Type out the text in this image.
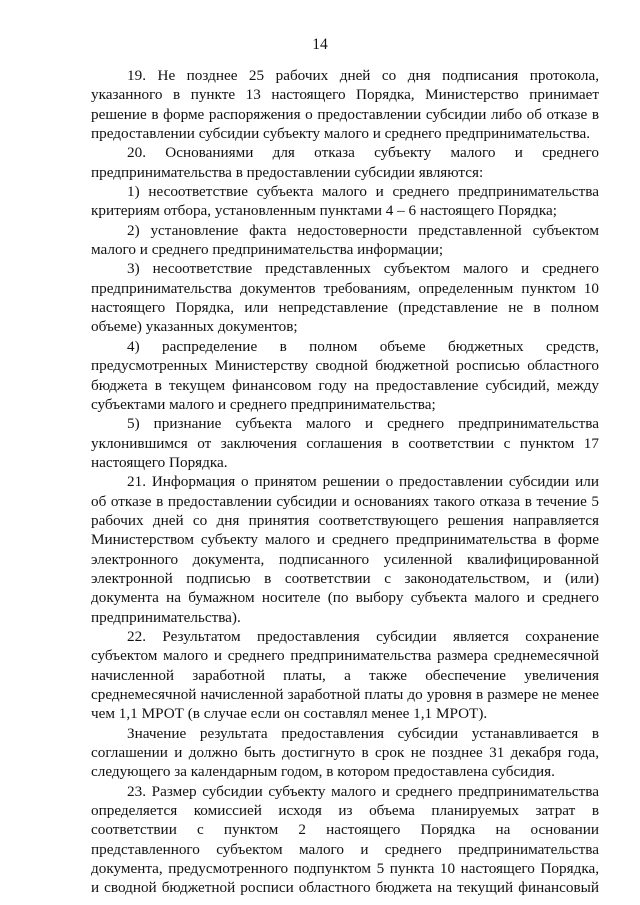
14
19. Не позднее 25 рабочих дней со дня подписания протокола,
указанного в пункте 13 настоящего Порядка, Министерство принимает
решение в форме распоряжения о предоставлении субсидии либо об отказе в
предоставлении субсидии субъекту малого и среднего предпринимательства.
20. Основаниями для отказа субъекту малого и среднего
предпринимательства в предоставлении субсидии являются:
1) несоответствие субъекта малого и среднего предпринимательства
критериям отбора, установленным пунктами 4 – 6 настоящего Порядка;
2) установление факта недостоверности представленной субъектом
малого и среднего предпринимательства информации;
3) несоответствие представленных субъектом малого и среднего
предпринимательства документов требованиям, определенным пунктом 10
настоящего Порядка, или непредставление (представление не в полном
объеме) указанных документов;
4) распределение в полном объеме бюджетных средств,
предусмотренных Министерству сводной бюджетной росписью областного
бюджета в текущем финансовом году на предоставление субсидий, между
субъектами малого и среднего предпринимательства;
5) признание субъекта малого и среднего предпринимательства
уклонившимся от заключения соглашения в соответствии с пунктом 17
настоящего Порядка.
21. Информация о принятом решении о предоставлении субсидии или
об отказе в предоставлении субсидии и основаниях такого отказа в течение 5
рабочих дней со дня принятия соответствующего решения направляется
Министерством субъекту малого и среднего предпринимательства в форме
электронного документа, подписанного усиленной квалифицированной
электронной подписью в соответствии с законодательством, и (или)
документа на бумажном носителе (по выбору субъекта малого и среднего
предпринимательства).
22. Результатом предоставления субсидии является сохранение
субъектом малого и среднего предпринимательства размера среднемесячной
начисленной заработной платы, а также обеспечение увеличения
среднемесячной начисленной заработной платы до уровня в размере не менее
чем 1,1 МРОТ (в случае если он составлял менее 1,1 МРОТ).
Значение результата предоставления субсидии устанавливается в
соглашении и должно быть достигнуто в срок не позднее 31 декабря года,
следующего за календарным годом, в котором предоставлена субсидия.
23. Размер субсидии субъекту малого и среднего предпринимательства
определяется комиссией исходя из объема планируемых затрат в
соответствии с пунктом 2 настоящего Порядка на основании
представленного субъектом малого и среднего предпринимательства
документа, предусмотренного подпунктом 5 пункта 10 настоящего Порядка,
и сводной бюджетной росписи областного бюджета на текущий финансовый
